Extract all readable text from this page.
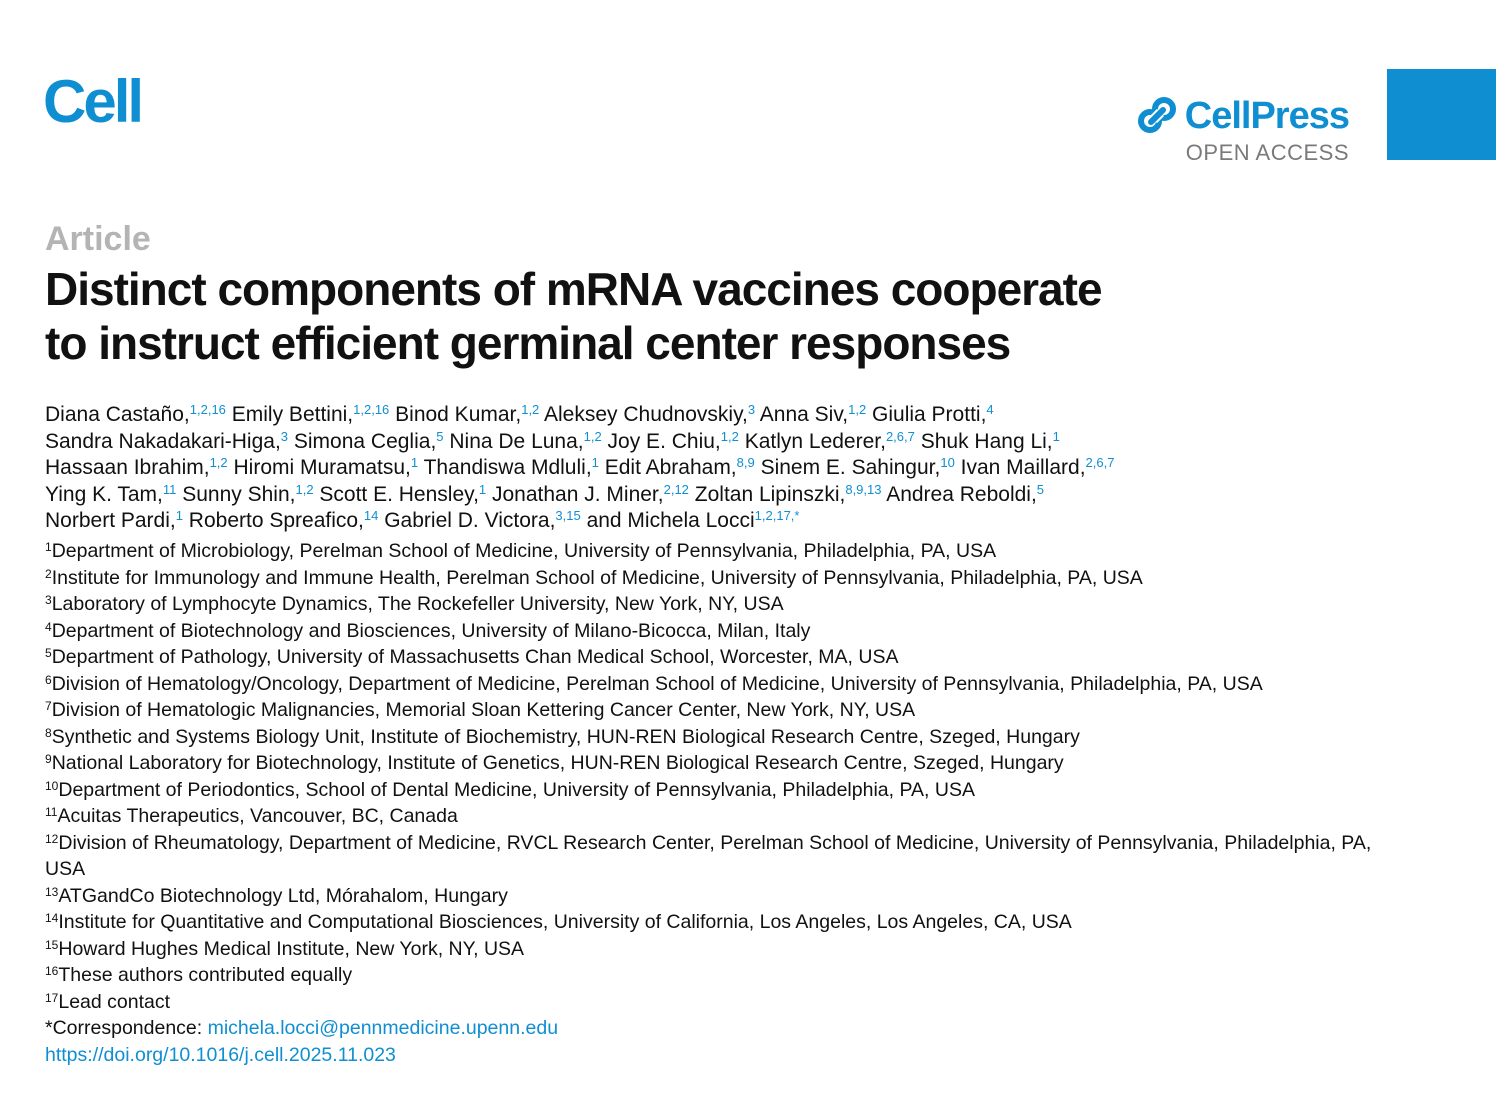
Cell	CellPress
OPEN ACCESS
Article
Distinct components of mRNA vaccines cooperate
to instruct efficient germinal center responses
Diana Castaño,$^{1,2,16}$ Emily Bettini,$^{1,2,16}$ Binod Kumar,$^{1,2}$ Aleksey Chudnovskiy,$^3$ Anna Siv,$^{1,2}$ Giulia Protti,$^4$
Sandra Nakadakari-Higa,$^3$ Simona Ceglia,$^5$ Nina De Luna,$^{1,2}$ Joy E. Chiu,$^{1,2}$ Katlyn Lederer,$^{2,6,7}$ Shuk Hang Li,$^1$
Hassaan Ibrahim,$^{1,2}$ Hiromi Muramatsu,$^1$ Thandiswa Mdluli,$^1$ Edit Abraham,$^{8,9}$ Sinem E. Sahingur,$^{10}$ Ivan Maillard,$^{2,6,7}$
Ying K. Tam,$^{11}$ Sunny Shin,$^{1,2}$ Scott E. Hensley,$^1$ Jonathan J. Miner,$^{2,12}$ Zoltan Lipinszki,$^{8,9,13}$ Andrea Reboldi,$^5$
Norbert Pardi,$^1$ Roberto Spreafico,$^{14}$ Gabriel D. Victora,$^{3,15}$ and Michela Locci$^{1,2,17,*}$
$^1$Department of Microbiology, Perelman School of Medicine, University of Pennsylvania, Philadelphia, PA, USA
$^2$Institute for Immunology and Immune Health, Perelman School of Medicine, University of Pennsylvania, Philadelphia, PA, USA
$^3$Laboratory of Lymphocyte Dynamics, The Rockefeller University, New York, NY, USA
$^4$Department of Biotechnology and Biosciences, University of Milano-Bicocca, Milan, Italy
$^5$Department of Pathology, University of Massachusetts Chan Medical School, Worcester, MA, USA
$^6$Division of Hematology/Oncology, Department of Medicine, Perelman School of Medicine, University of Pennsylvania, Philadelphia, PA, USA
$^7$Division of Hematologic Malignancies, Memorial Sloan Kettering Cancer Center, New York, NY, USA
$^8$Synthetic and Systems Biology Unit, Institute of Biochemistry, HUN-REN Biological Research Centre, Szeged, Hungary
$^9$National Laboratory for Biotechnology, Institute of Genetics, HUN-REN Biological Research Centre, Szeged, Hungary
$^{10}$Department of Periodontics, School of Dental Medicine, University of Pennsylvania, Philadelphia, PA, USA
$^{11}$Acuitas Therapeutics, Vancouver, BC, Canada
$^{12}$Division of Rheumatology, Department of Medicine, RVCL Research Center, Perelman School of Medicine, University of Pennsylvania, Philadelphia, PA, USA
$^{13}$ATGandCo Biotechnology Ltd, Mórahalom, Hungary
$^{14}$Institute for Quantitative and Computational Biosciences, University of California, Los Angeles, Los Angeles, CA, USA
$^{15}$Howard Hughes Medical Institute, New York, NY, USA
$^{16}$These authors contributed equally
$^{17}$Lead contact
*Correspondence: michela.locci@pennmedicine.upenn.edu
https://doi.org/10.1016/j.cell.2025.11.023
